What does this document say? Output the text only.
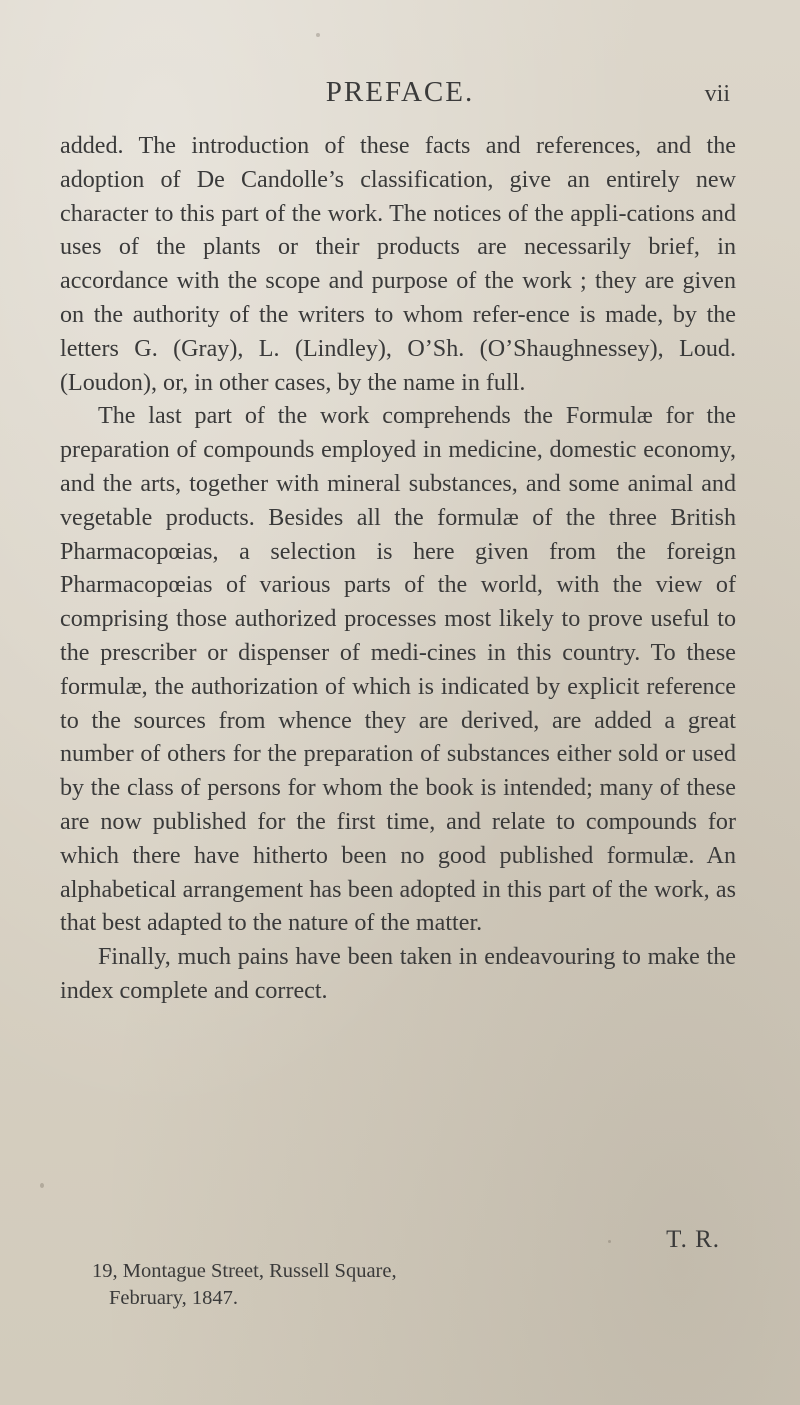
PREFACE.	vii

added. The introduction of these facts and references, and the adoption of De Candolle’s classification, give an entirely new character to this part of the work. The notices of the appli-cations and uses of the plants or their products are necessarily brief, in accordance with the scope and purpose of the work ; they are given on the authority of the writers to whom refer-ence is made, by the letters G. (Gray), L. (Lindley), O’Sh. (O’Shaughnessey), Loud. (Loudon), or, in other cases, by the name in full.

The last part of the work comprehends the Formulæ for the preparation of compounds employed in medicine, domestic economy, and the arts, together with mineral substances, and some animal and vegetable products. Besides all the formulæ of the three British Pharmacopœias, a selection is here given from the foreign Pharmacopœias of various parts of the world, with the view of comprising those authorized processes most likely to prove useful to the prescriber or dispenser of medi-cines in this country. To these formulæ, the authorization of which is indicated by explicit reference to the sources from whence they are derived, are added a great number of others for the preparation of substances either sold or used by the class of persons for whom the book is intended; many of these are now published for the first time, and relate to compounds for which there have hitherto been no good published formulæ. An alphabetical arrangement has been adopted in this part of the work, as that best adapted to the nature of the matter.

Finally, much pains have been taken in endeavouring to make the index complete and correct.

T. R.
19, Montague Street, Russell Square,
February, 1847.
